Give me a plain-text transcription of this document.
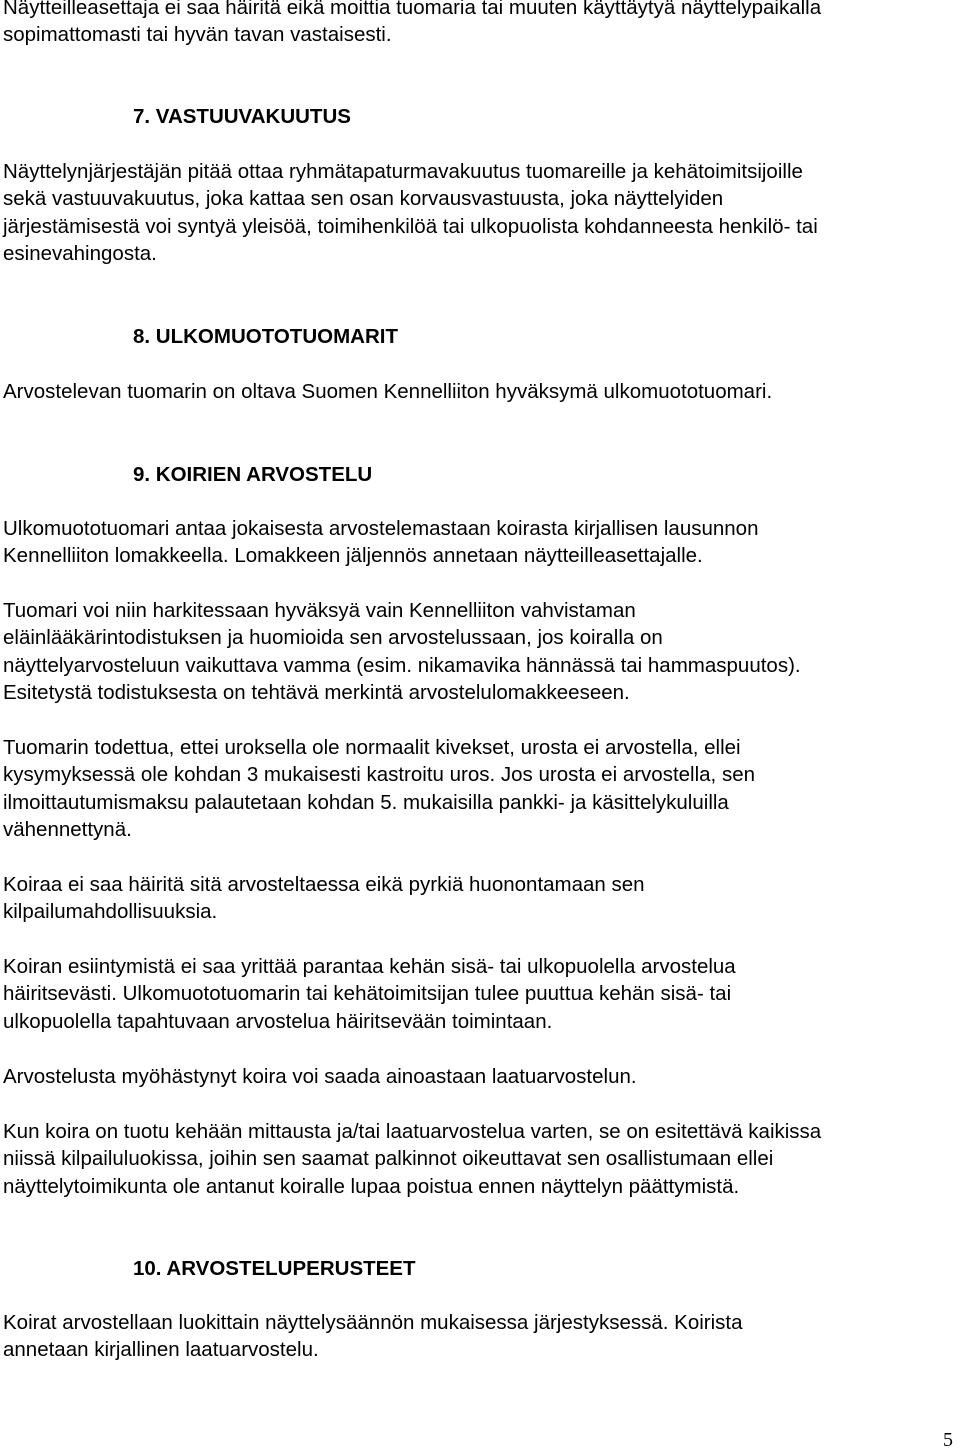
Näytteilleasettaja ei saa häiritä eikä moittia tuomaria tai muuten käyttäytyä näyttelypaikalla
sopimattomasti tai hyvän tavan vastaisesti.

7. VASTUUVAKUUTUS

Näyttelynjärjestäjän pitää ottaa ryhmätapaturmavakuutus tuomareille ja kehätoimitsijoille
sekä vastuuvakuutus, joka kattaa sen osan korvausvastuusta, joka näyttelyiden
järjestämisestä voi syntyä yleisöä, toimihenkilöä tai ulkopuolista kohdanneesta henkilö- tai
esinevahingosta.

8. ULKOMUOTOTUOMARIT

Arvostelevan tuomarin on oltava Suomen Kennelliiton hyväksymä ulkomuototuomari.

9. KOIRIEN ARVOSTELU

Ulkomuototuomari antaa jokaisesta arvostelemastaan koirasta kirjallisen lausunnon
Kennelliiton lomakkeella. Lomakkeen jäljennös annetaan näytteilleasettajalle.

Tuomari voi niin harkitessaan hyväksyä vain Kennelliiton vahvistaman
eläinlääkärintodistuksen ja huomioida sen arvostelussaan, jos koiralla on
näyttelyarvosteluun vaikuttava vamma (esim. nikamavika hännässä tai hammaspuutos).
Esitetystä todistuksesta on tehtävä merkintä arvostelulomakkeeseen.

Tuomarin todettua, ettei uroksella ole normaalit kivekset, urosta ei arvostella, ellei
kysymyksessä ole kohdan 3 mukaisesti kastroitu uros. Jos urosta ei arvostella, sen
ilmoittautumismaksu palautetaan kohdan 5. mukaisilla pankki- ja käsittelykuluilla
vähennettynä.

Koiraa ei saa häiritä sitä arvosteltaessa eikä pyrkiä huonontamaan sen
kilpailumahdollisuuksia.

Koiran esiintymistä ei saa yrittää parantaa kehän sisä- tai ulkopuolella arvostelua
häiritsevästi. Ulkomuototuomarin tai kehätoimitsijan tulee puuttua kehän sisä- tai
ulkopuolella tapahtuvaan arvostelua häiritsevään toimintaan.

Arvostelusta myöhästynyt koira voi saada ainoastaan laatuarvostelun.

Kun koira on tuotu kehään mittausta ja/tai laatuarvostelua varten, se on esitettävä kaikissa
niissä kilpailuluokissa, joihin sen saamat palkinnot oikeuttavat sen osallistumaan ellei
näyttelytoimikunta ole antanut koiralle lupaa poistua ennen näyttelyn päättymistä.

10. ARVOSTELUPERUSTEET

Koirat arvostellaan luokittain näyttelysäännön mukaisessa järjestyksessä. Koirista
annetaan kirjallinen laatuarvostelu.

5
